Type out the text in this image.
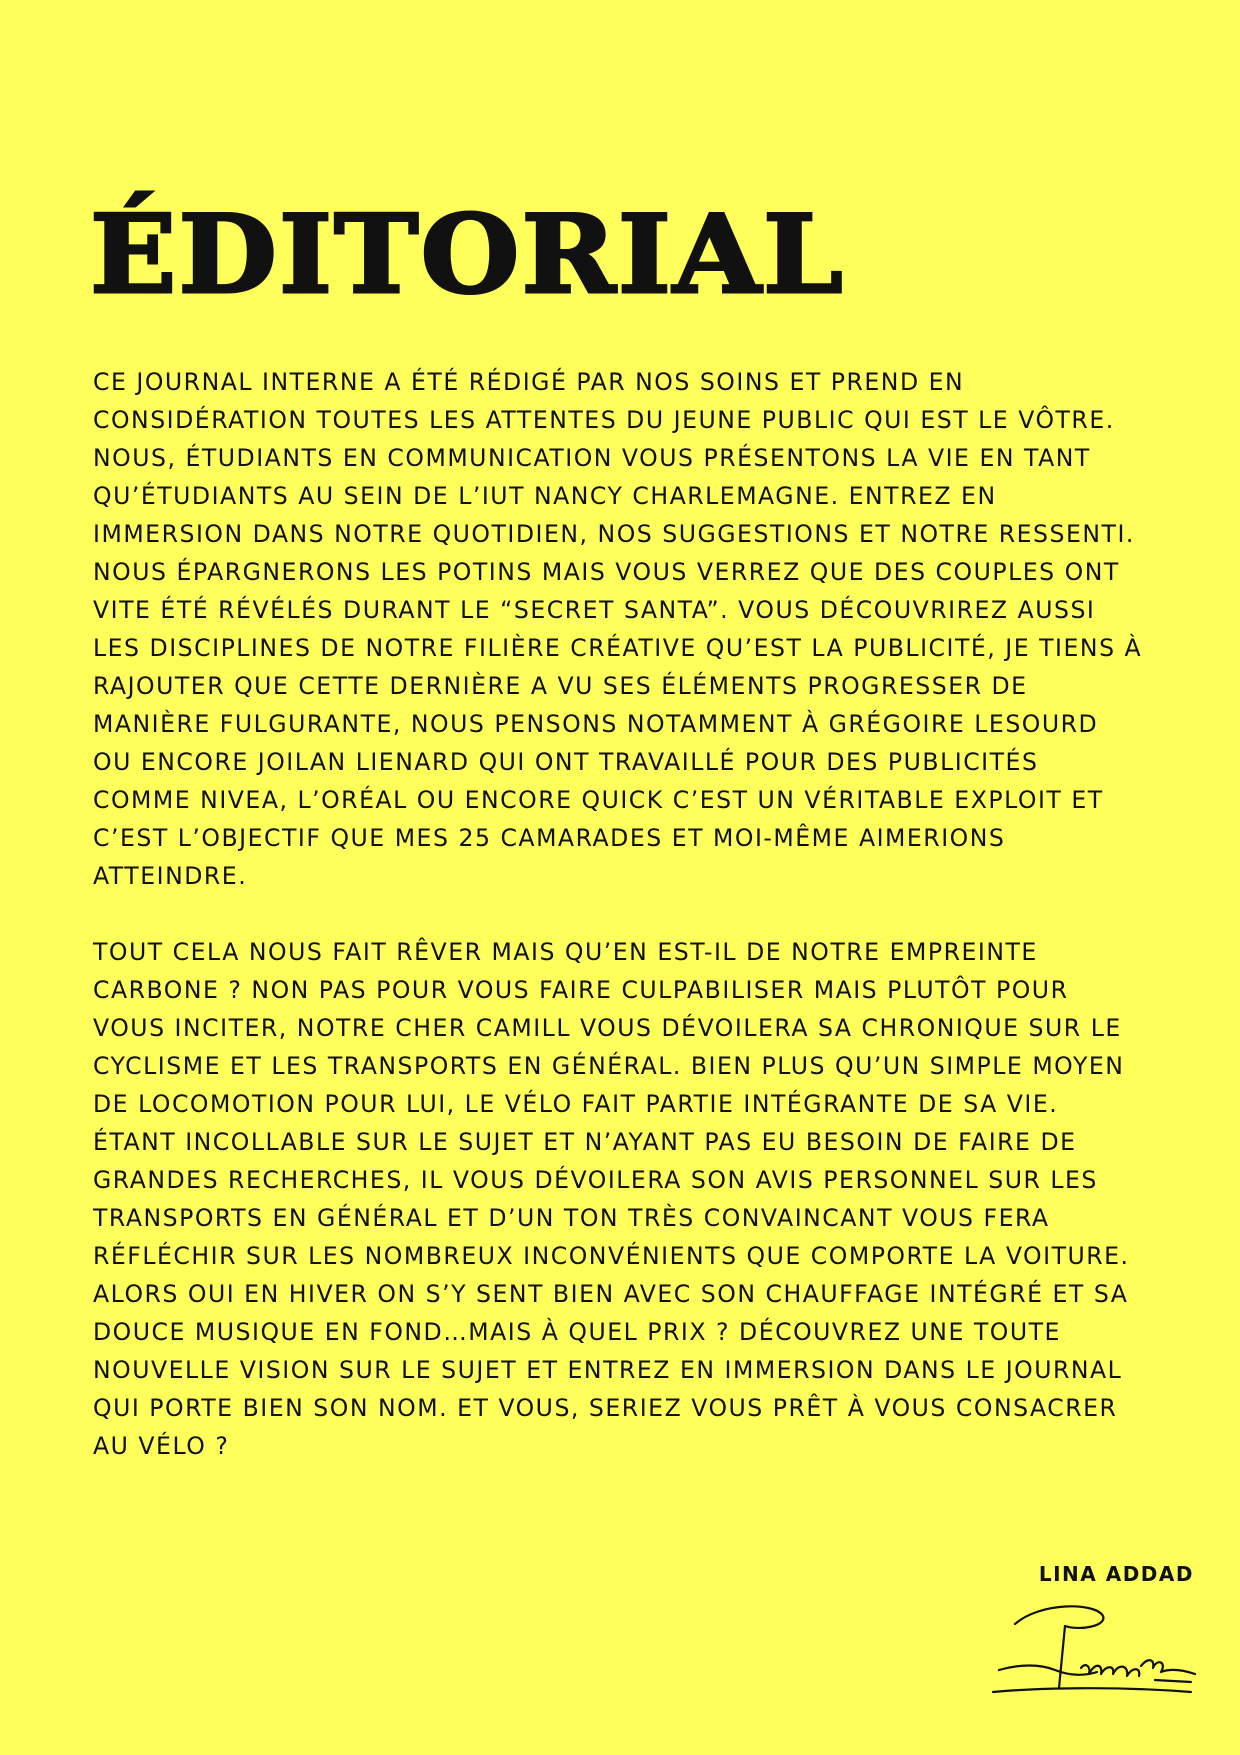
ÉDITORIAL

CE JOURNAL INTERNE A ÉTÉ RÉDIGÉ PAR NOS SOINS ET PREND EN CONSIDÉRATION TOUTES LES ATTENTES DU JEUNE PUBLIC QUI EST LE VÔTRE. NOUS, ÉTUDIANTS EN COMMUNICATION VOUS PRÉSENTONS LA VIE EN TANT QU’ÉTUDIANTS AU SEIN DE L’IUT NANCY CHARLEMAGNE. ENTREZ EN IMMERSION DANS NOTRE QUOTIDIEN, NOS SUGGESTIONS ET NOTRE RESSENTI. NOUS ÉPARGNERONS LES POTINS MAIS VOUS VERREZ QUE DES COUPLES ONT VITE ÉTÉ RÉVÉLÉS DURANT LE “SECRET SANTA”. VOUS DÉCOUVRIREZ AUSSI LES DISCIPLINES DE NOTRE FILIÈRE CRÉATIVE QU’EST LA PUBLICITÉ, JE TIENS À RAJOUTER QUE CETTE DERNIÈRE A VU SES ÉLÉMENTS PROGRESSER DE MANIÈRE FULGURANTE, NOUS PENSONS NOTAMMENT À GRÉGOIRE LESOURD OU ENCORE JOILAN LIENARD QUI ONT TRAVAILLÉ POUR DES PUBLICITÉS COMME NIVEA, L’ORÉAL OU ENCORE QUICK C’EST UN VÉRITABLE EXPLOIT ET C’EST L’OBJECTIF QUE MES 25 CAMARADES ET MOI-MÊME AIMERIONS ATTEINDRE.

TOUT CELA NOUS FAIT RÊVER MAIS QU’EN EST-IL DE NOTRE EMPREINTE CARBONE ? NON PAS POUR VOUS FAIRE CULPABILISER MAIS PLUTÔT POUR VOUS INCITER, NOTRE CHER CAMILL VOUS DÉVOILERA SA CHRONIQUE SUR LE CYCLISME ET LES TRANSPORTS EN GÉNÉRAL. BIEN PLUS QU’UN SIMPLE MOYEN DE LOCOMOTION POUR LUI, LE VÉLO FAIT PARTIE INTÉGRANTE DE SA VIE. ÉTANT INCOLLABLE SUR LE SUJET ET N’AYANT PAS EU BESOIN DE FAIRE DE GRANDES RECHERCHES, IL VOUS DÉVOILERA SON AVIS PERSONNEL SUR LES TRANSPORTS EN GÉNÉRAL ET D’UN TON TRÈS CONVAINCANT VOUS FERA RÉFLÉCHIR SUR LES NOMBREUX INCONVÉNIENTS QUE COMPORTE LA VOITURE. ALORS OUI EN HIVER ON S’Y SENT BIEN AVEC SON CHAUFFAGE INTÉGRÉ ET SA DOUCE MUSIQUE EN FOND…MAIS À QUEL PRIX ? DÉCOUVREZ UNE TOUTE NOUVELLE VISION SUR LE SUJET ET ENTREZ EN IMMERSION DANS LE JOURNAL QUI PORTE BIEN SON NOM. ET VOUS, SERIEZ VOUS PRÊT À VOUS CONSACRER AU VÉLO ?

LINA ADDAD
